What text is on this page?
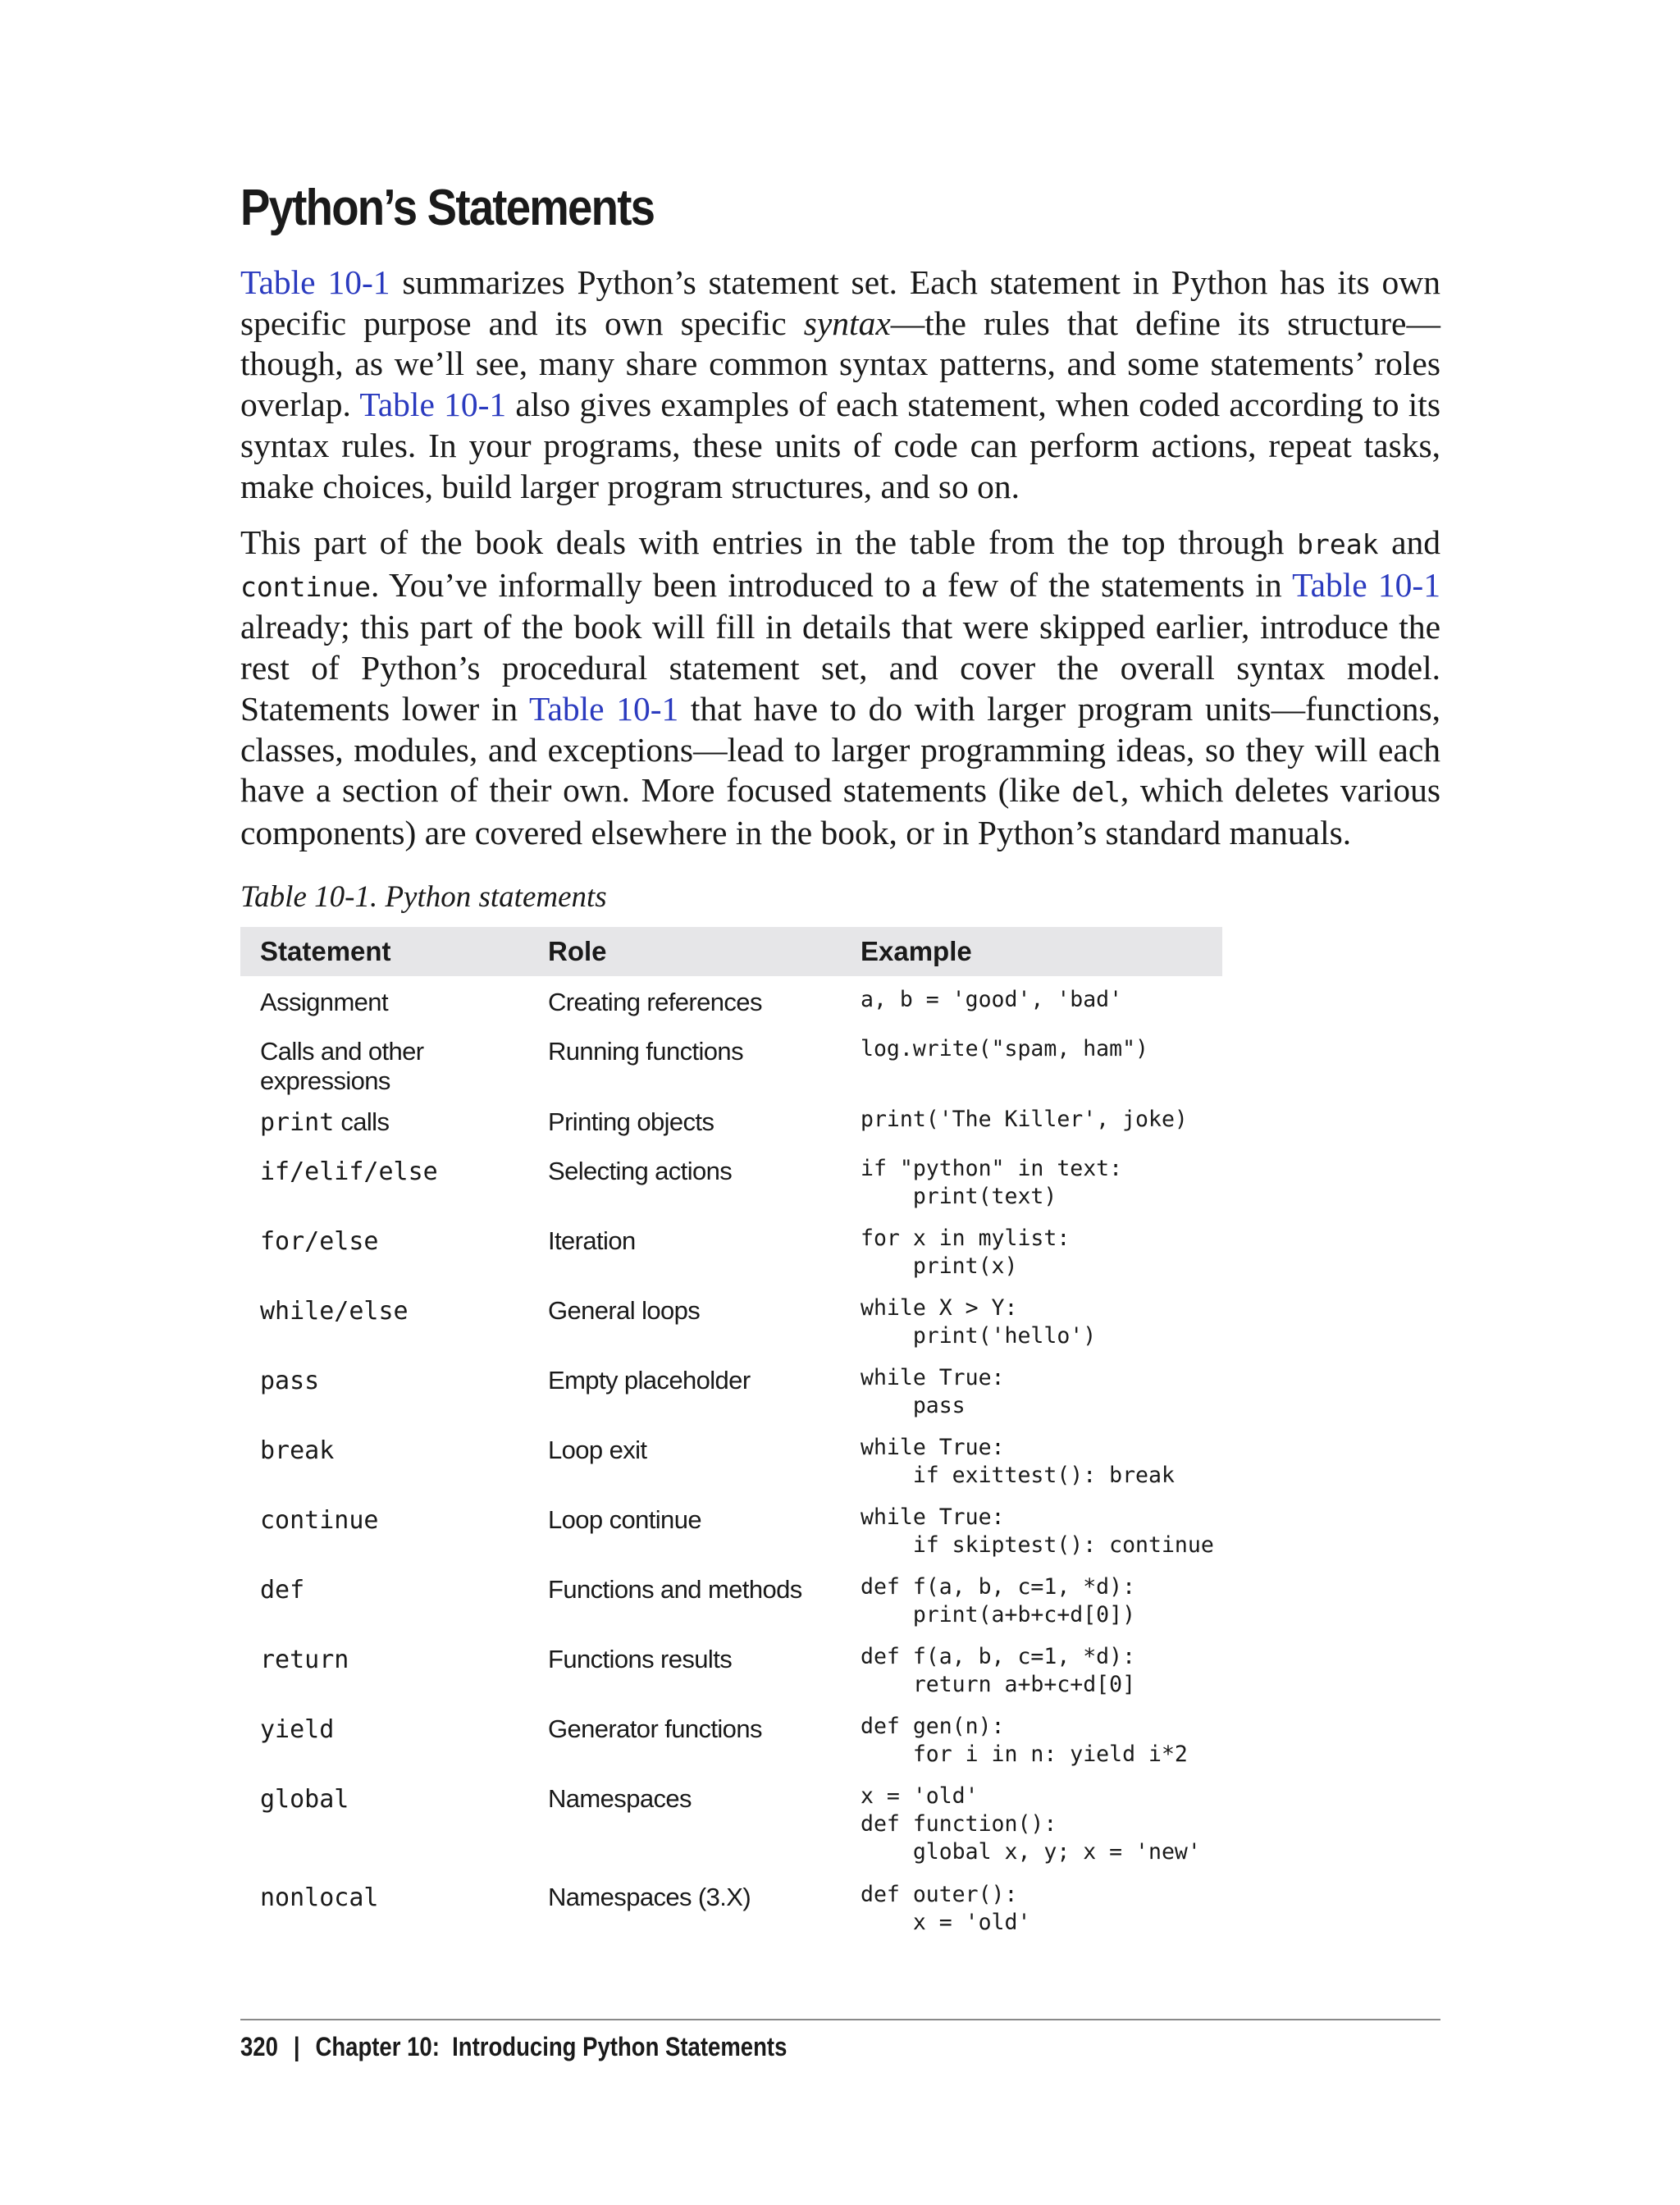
Python’s Statements

Table 10-1 summarizes Python’s statement set. Each statement in Python has its own specific purpose and its own specific syntax—the rules that define its structure—though, as we’ll see, many share common syntax patterns, and some statements’ roles overlap. Table 10-1 also gives examples of each statement, when coded according to its syntax rules. In your programs, these units of code can perform actions, repeat tasks, make choices, build larger program structures, and so on.

This part of the book deals with entries in the table from the top through break and continue. You’ve informally been introduced to a few of the statements in Table 10-1 already; this part of the book will fill in details that were skipped earlier, introduce the rest of Python’s procedural statement set, and cover the overall syntax model. Statements lower in Table 10-1 that have to do with larger program units—functions, classes, modules, and exceptions—lead to larger programming ideas, so they will each have a section of their own. More focused statements (like del, which deletes various components) are covered elsewhere in the book, or in Python’s standard manuals.

Table 10-1. Python statements

Statement	Role	Example
Assignment	Creating references	a, b = 'good', 'bad'

Calls and other expressions	Running functions	log.write("spam, ham")

print calls	Printing objects	print('The Killer', joke)

if/elif/else	Selecting actions	if "python" in text:
print(text)

for/else	Iteration	for x in mylist:
print(x)

while/else	General loops	while X > Y:
print('hello')

pass	Empty placeholder	while True:
pass

break	Loop exit	while True:
if exittest(): break

continue	Loop continue	while True:
if skiptest(): continue

def	Functions and methods	def f(a, b, c=1, *d):
print(a+b+c+d[0])

return	Functions results	def f(a, b, c=1, *d):
return a+b+c+d[0]

yield	Generator functions	def gen(n):
for i in n: yield i*2

global	Namespaces	x = 'old'
def function():
global x, y; x = 'new'

nonlocal	Namespaces (3.X)	def outer():
x = 'old'
320 | Chapter 10:  Introducing Python Statements
